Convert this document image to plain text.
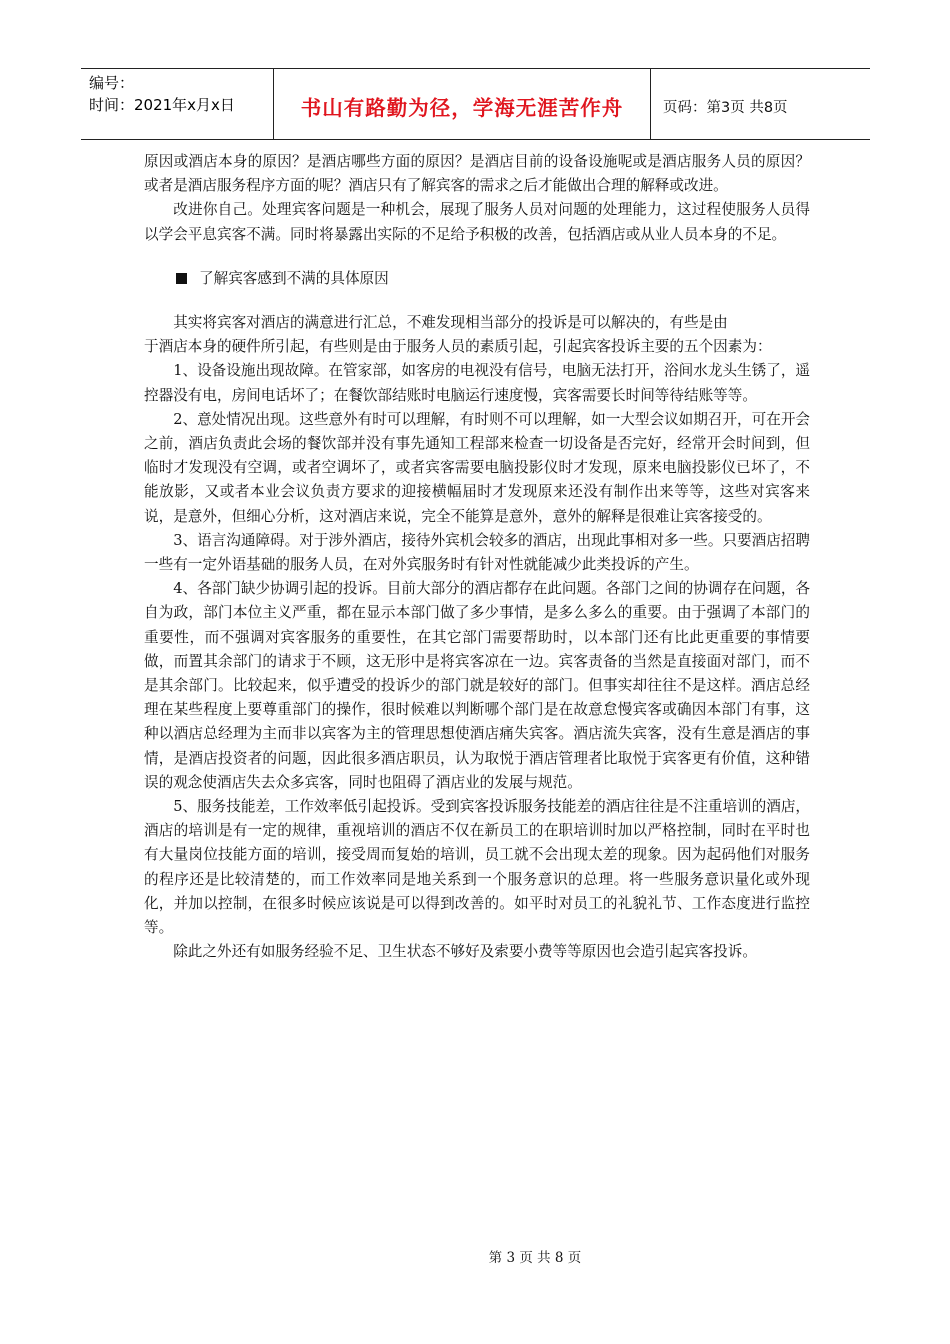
编号：
时间：2021年x月x日	书山有路勤为径，学海无涯苦作舟	页码：第3页 共8页

原因或酒店本身的原因？是酒店哪些方面的原因？是酒店目前的设备设施呢或是酒店服务人员的原因？或者是酒店服务程序方面的呢？酒店只有了解宾客的需求之后才能做出合理的解释或改进。

改进你自己。处理宾客问题是一种机会，展现了服务人员对问题的处理能力，这过程使服务人员得以学会平息宾客不满。同时将暴露出实际的不足给予积极的改善，包括酒店或从业人员本身的不足。

了解宾客感到不满的具体原因

其实将宾客对酒店的满意进行汇总，不难发现相当部分的投诉是可以解决的，有些是由

于酒店本身的硬件所引起，有些则是由于服务人员的素质引起，引起宾客投诉主要的五个因素为：

1、设备设施出现故障。在管家部，如客房的电视没有信号，电脑无法打开，浴间水龙头生锈了，遥控器没有电，房间电话坏了；在餐饮部结账时电脑运行速度慢，宾客需要长时间等待结账等等。

2、意处情况出现。这些意外有时可以理解，有时则不可以理解，如一大型会议如期召开，可在开会之前，酒店负责此会场的餐饮部并没有事先通知工程部来检查一切设备是否完好，经常开会时间到，但临时才发现没有空调，或者空调坏了，或者宾客需要电脑投影仪时才发现，原来电脑投影仪已坏了，不能放影，又或者本业会议负责方要求的迎接横幅届时才发现原来还没有制作出来等等，这些对宾客来说，是意外，但细心分析，这对酒店来说，完全不能算是意外，意外的解释是很难让宾客接受的。

3、语言沟通障碍。对于涉外酒店，接待外宾机会较多的酒店，出现此事相对多一些。只要酒店招聘一些有一定外语基础的服务人员，在对外宾服务时有针对性就能减少此类投诉的产生。

4、各部门缺少协调引起的投诉。目前大部分的酒店都存在此问题。各部门之间的协调存在问题，各自为政，部门本位主义严重，都在显示本部门做了多少事情，是多么多么的重要。由于强调了本部门的重要性，而不强调对宾客服务的重要性，在其它部门需要帮助时，以本部门还有比此更重要的事情要做，而置其余部门的请求于不顾，这无形中是将宾客凉在一边。宾客责备的当然是直接面对部门，而不是其余部门。比较起来，似乎遭受的投诉少的部门就是较好的部门。但事实却往往不是这样。酒店总经理在某些程度上要尊重部门的操作，很时候难以判断哪个部门是在故意怠慢宾客或确因本部门有事，这种以酒店总经理为主而非以宾客为主的管理思想使酒店痛失宾客。酒店流失宾客，没有生意是酒店的事情，是酒店投资者的问题，因此很多酒店职员，认为取悦于酒店管理者比取悦于宾客更有价值，这种错误的观念使酒店失去众多宾客，同时也阻碍了酒店业的发展与规范。

5、服务技能差，工作效率低引起投诉。受到宾客投诉服务技能差的酒店往往是不注重培训的酒店，酒店的培训是有一定的规律，重视培训的酒店不仅在新员工的在职培训时加以严格控制，同时在平时也有大量岗位技能方面的培训，接受周而复始的培训，员工就不会出现太差的现象。因为起码他们对服务的程序还是比较清楚的，而工作效率同是地关系到一个服务意识的总理。将一些服务意识量化或外现化，并加以控制，在很多时候应该说是可以得到改善的。如平时对员工的礼貌礼节、工作态度进行监控等。

除此之外还有如服务经验不足、卫生状态不够好及索要小费等等原因也会造引起宾客投诉。

第 3 页 共 8 页
